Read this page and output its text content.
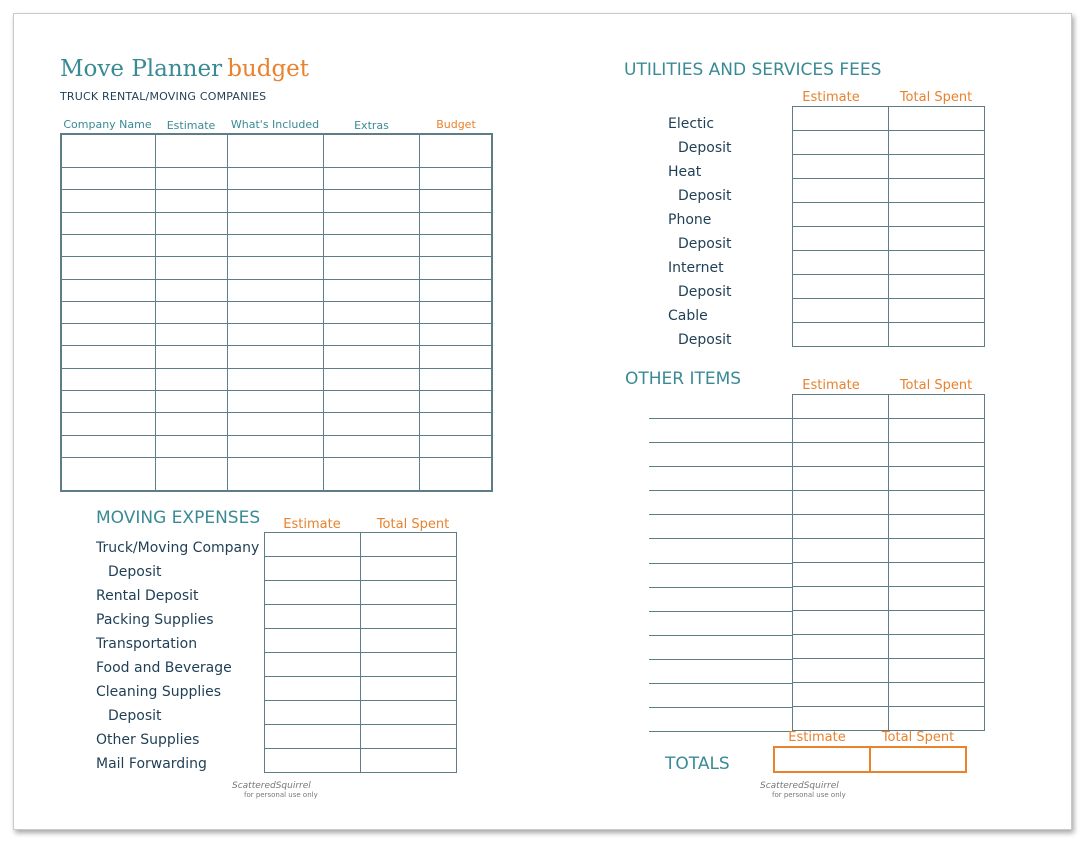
Move Planner budget
TRUCK RENTAL/MOVING COMPANIES
Company Name	Estimate	What's Included	Extras	Budget

MOVING EXPENSES	Estimate	Total Spent
Truck/Moving Company
Deposit
Rental Deposit
Packing Supplies
Transportation
Food and Beverage
Cleaning Supplies
Deposit
Other Supplies
Mail Forwarding

UTILITIES AND SERVICES FEES
Estimate	Total Spent
Electic
Deposit
Heat
Deposit
Phone
Deposit
Internet
Deposit
Cable
Deposit

OTHER ITEMS	Estimate	Total Spent

TOTALS
Estimate	Total Spent
ScatteredSquirrel
for personal use only
ScatteredSquirrel
for personal use only
